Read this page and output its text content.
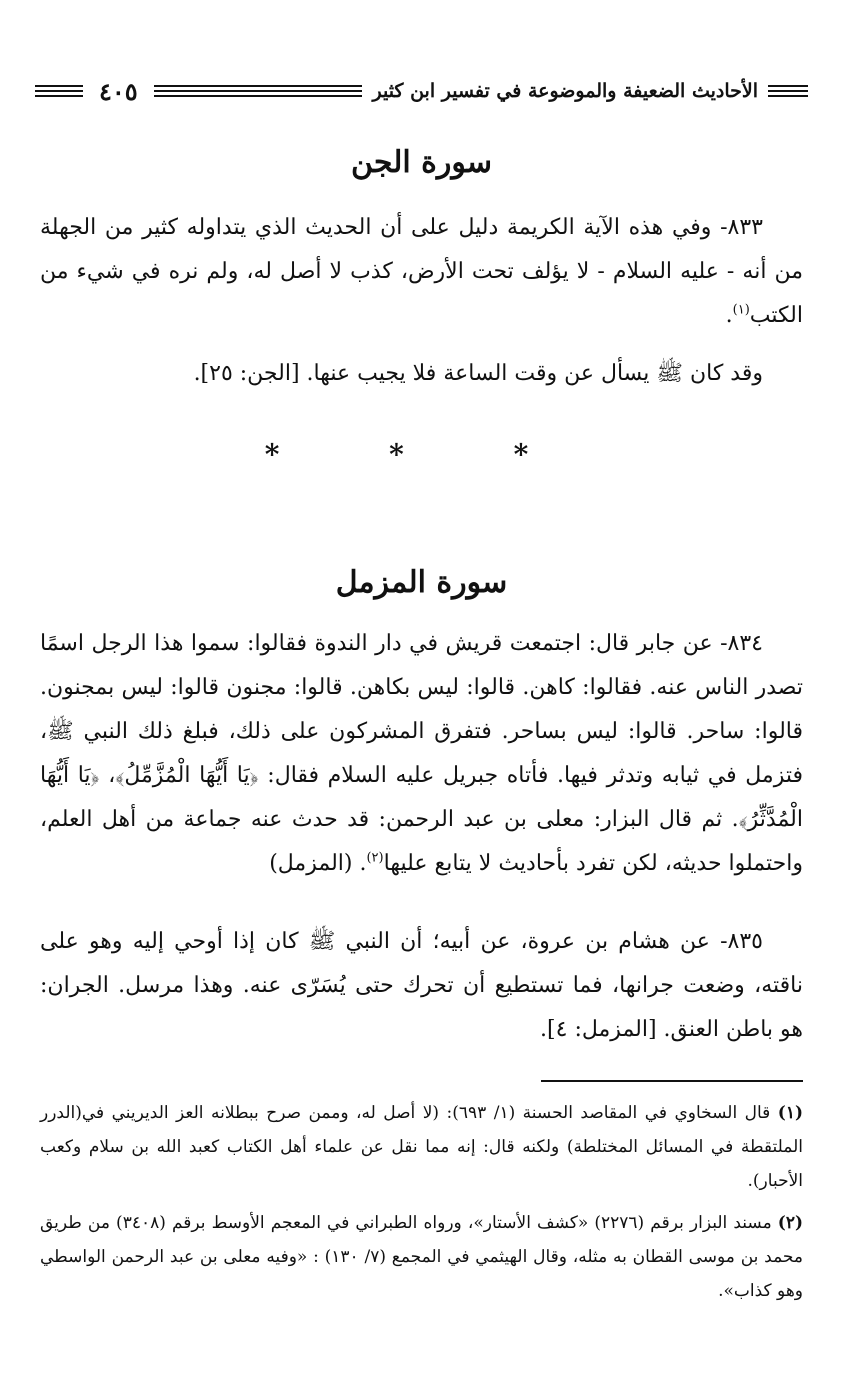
الأحاديث الضعيفة والموضوعة في تفسير ابن كثير
٤٠٥
سورة الجن

٨٣٣- وفي هذه الآية الكريمة دليل على أن الحديث الذي يتداوله كثير من الجهلة من أنه - عليه السلام - لا يؤلف تحت الأرض، كذب لا أصل له، ولم نره في شيء من الكتب$^{(١)}$.

وقد كان ﷺ يسأل عن وقت الساعة فلا يجيب عنها. [الجن: ٢٥].

* * *
سورة المزمل

٨٣٤- عن جابر قال: اجتمعت قريش في دار الندوة فقالوا: سموا هذا الرجل اسمًا تصدر الناس عنه. فقالوا: كاهن. قالوا: ليس بكاهن. قالوا: مجنون قالوا: ليس بمجنون. قالوا: ساحر. قالوا: ليس بساحر. فتفرق المشركون على ذلك، فبلغ ذلك النبي ﷺ، فتزمل في ثيابه وتدثر فيها. فأتاه جبريل عليه السلام فقال: ﴿يَا أَيُّهَا الْمُزَّمِّلُ﴾، ﴿يَا أَيُّهَا الْمُدَّثِّرُ﴾. ثم قال البزار: معلى بن عبد الرحمن: قد حدث عنه جماعة من أهل العلم، واحتملوا حديثه، لكن تفرد بأحاديث لا يتابع عليها$^{(٢)}$. (المزمل)

٨٣٥- عن هشام بن عروة، عن أبيه؛ أن النبي ﷺ كان إذا أوحي إليه وهو على ناقته، وضعت جرانها، فما تستطيع أن تحرك حتى يُسَرّى عنه. وهذا مرسل. الجران: هو باطن العنق. [المزمل: ٤].

(١) قال السخاوي في المقاصد الحسنة (١/ ٦٩٣): (لا أصل له، وممن صرح ببطلانه العز الديريني في(الدرر الملتقطة في المسائل المختلطة) ولكنه قال: إنه مما نقل عن علماء أهل الكتاب كعبد الله بن سلام وكعب الأحبار).

(٢) مسند البزار برقم (٢٢٧٦) «كشف الأستار»، ورواه الطبراني في المعجم الأوسط برقم (٣٤٠٨) من طريق محمد بن موسى القطان به مثله، وقال الهيثمي في المجمع (٧/ ١٣٠) : «وفيه معلى بن عبد الرحمن الواسطي وهو كذاب».
